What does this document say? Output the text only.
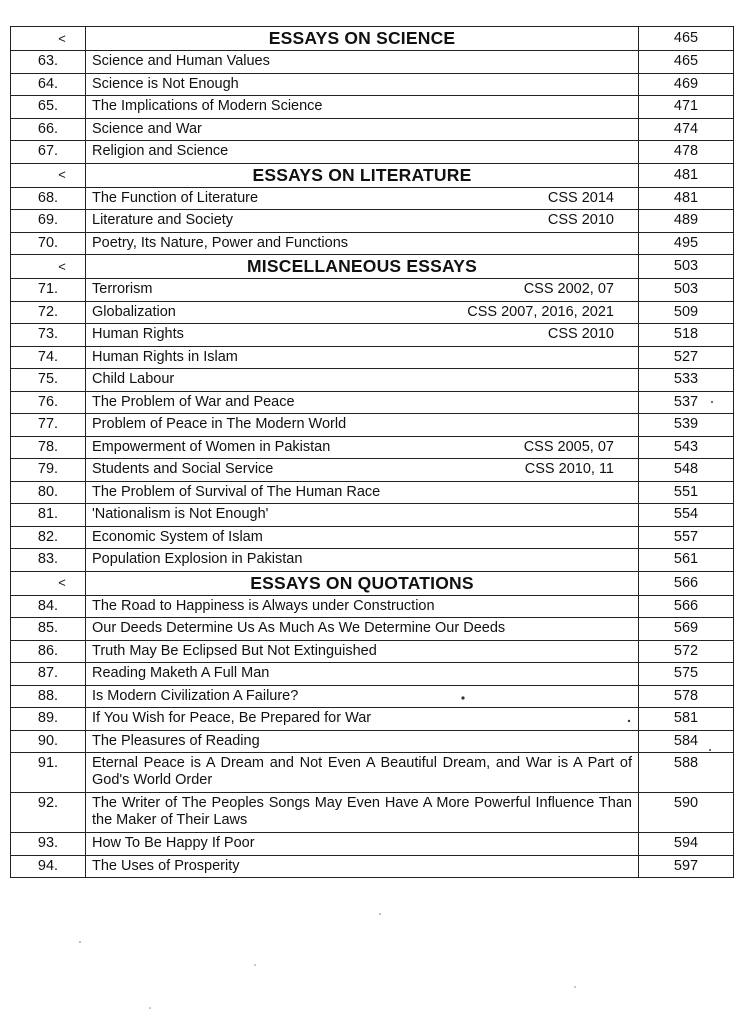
<	ESSAYS ON SCIENCE	465
63.	Science and Human Values	465
64.	Science is Not Enough	469
65.	The Implications of Modern Science	471
66.	Science and War	474
67.	Religion and Science	478
<	ESSAYS ON LITERATURE	481
68.	The Function of Literature CSS 2014	481
69.	Literature and Society CSS 2010	489
70.	Poetry, Its Nature, Power and Functions	495
<	MISCELLANEOUS ESSAYS	503
71.	Terrorism CSS 2002, 07	503
72.	Globalization CSS 2007, 2016, 2021	509
73.	Human Rights CSS 2010	518
74.	Human Rights in Islam	527
75.	Child Labour	533
76.	The Problem of War and Peace	537
77.	Problem of Peace in The Modern World	539
78.	Empowerment of Women in Pakistan CSS 2005, 07	543
79.	Students and Social Service CSS 2010, 11	548
80.	The Problem of Survival of The Human Race	551
81.	'Nationalism is Not Enough'	554
82.	Economic System of Islam	557
83.	Population Explosion in Pakistan	561
<	ESSAYS ON QUOTATIONS	566
84.	The Road to Happiness is Always under Construction	566
85.	Our Deeds Determine Us As Much As We Determine Our Deeds	569
86.	Truth May Be Eclipsed But Not Extinguished	572
87.	Reading Maketh A Full Man	575
88.	Is Modern Civilization A Failure?	578
89.	If You Wish for Peace, Be Prepared for War	581
90.	The Pleasures of Reading	584
91.	Eternal Peace is A Dream and Not Even A Beautiful Dream, and War is A Part of God's World Order	588
92.	The Writer of The Peoples Songs May Even Have A More Powerful Influence Than the Maker of Their Laws	590
93.	How To Be Happy If Poor	594
94.	The Uses of Prosperity	597
